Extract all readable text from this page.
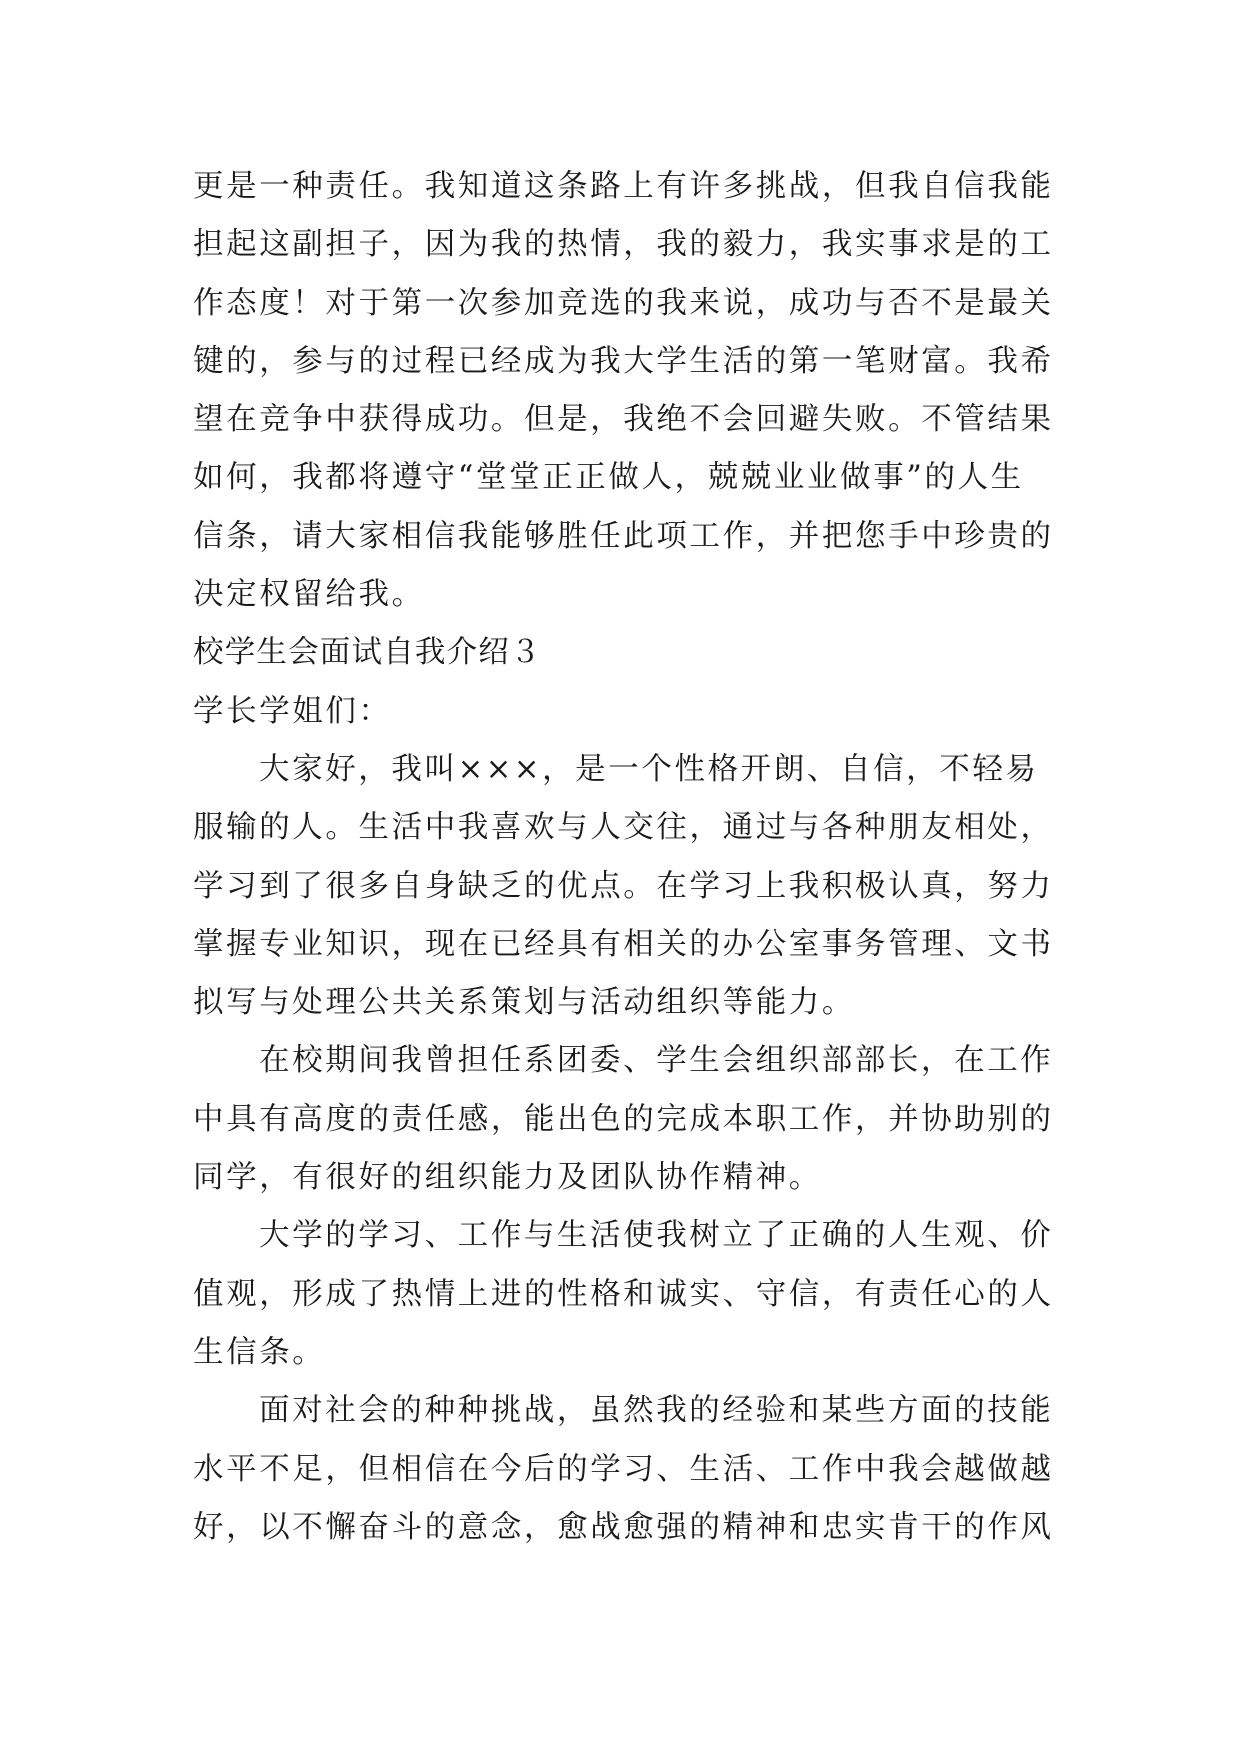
更是一种责任。我知道这条路上有许多挑战，但我自信我能
担起这副担子，因为我的热情，我的毅力，我实事求是的工
作态度！对于第一次参加竞选的我来说，成功与否不是最关
键的，参与的过程已经成为我大学生活的第一笔财富。我希
望在竞争中获得成功。但是，我绝不会回避失败。不管结果
如何，我都将遵守“堂堂正正做人，兢兢业业做事”的人生
信条，请大家相信我能够胜任此项工作，并把您手中珍贵的
决定权留给我。
校学生会面试自我介绍３
学长学姐们：
大家好，我叫×××，是一个性格开朗、自信，不轻易
服输的人。生活中我喜欢与人交往，通过与各种朋友相处，
学习到了很多自身缺乏的优点。在学习上我积极认真，努力
掌握专业知识，现在已经具有相关的办公室事务管理、文书
拟写与处理公共关系策划与活动组织等能力。
在校期间我曾担任系团委、学生会组织部部长，在工作
中具有高度的责任感，能出色的完成本职工作，并协助别的
同学，有很好的组织能力及团队协作精神。
大学的学习、工作与生活使我树立了正确的人生观、价
值观，形成了热情上进的性格和诚实、守信，有责任心的人
生信条。
面对社会的种种挑战，虽然我的经验和某些方面的技能
水平不足，但相信在今后的学习、生活、工作中我会越做越
好，以不懈奋斗的意念，愈战愈强的精神和忠实肯干的作风
